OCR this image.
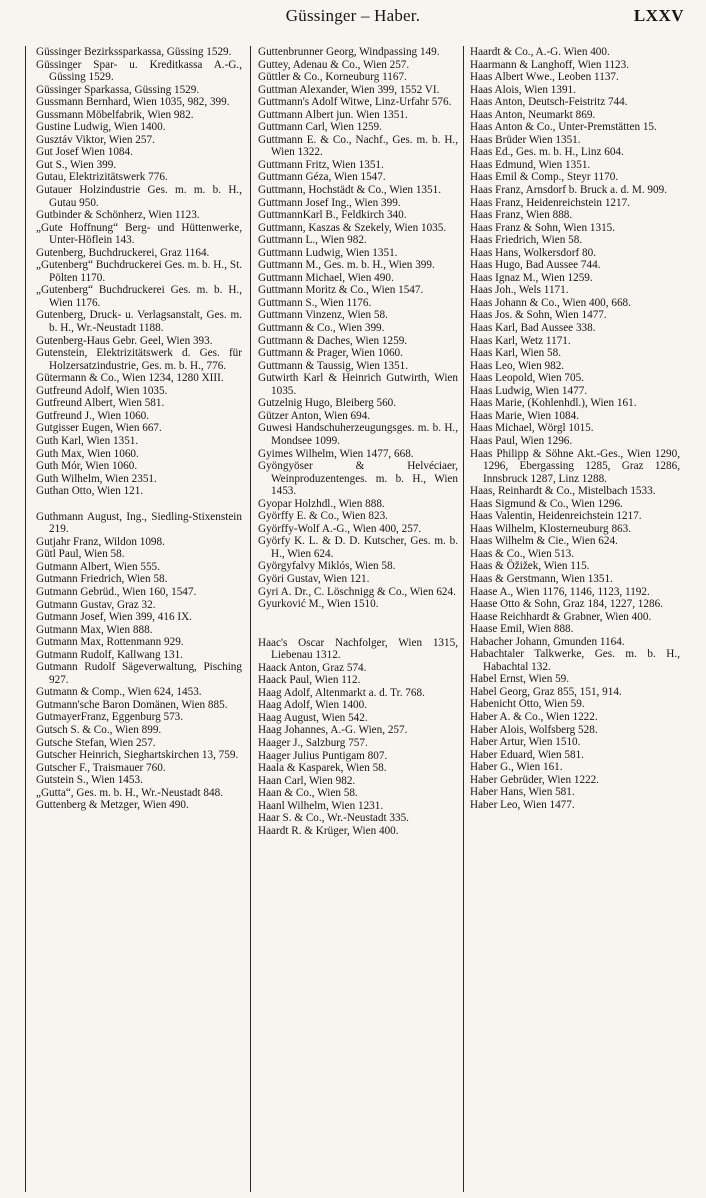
Güssinger – Haber.	LXXV

Güssinger Bezirkssparkassa, Güssing 1529.

Güssinger Spar- u. Kreditkassa A.-G., Güssing 1529.

Güssinger Sparkassa, Güssing 1529.

Gussmann Bernhard, Wien 1035, 982, 399.

Gussmann Möbelfabrik, Wien 982.

Gustine Ludwig, Wien 1400.

Gusztáv Viktor, Wien 257.

Gut Josef Wien 1084.

Gut S., Wien 399.

Gutau, Elektrizitätswerk 776.

Gutauer Holzindustrie Ges. m. m. b. H., Gutau 950.

Gutbinder & Schönherz, Wien 1123.

„Gute Hoffnung“ Berg- und Hüttenwerke, Unter-Höflein 143.

Gutenberg, Buchdruckerei, Graz 1164.

„Gutenberg“ Buchdruckerei Ges. m. b. H., St. Pölten 1170.

„Gutenberg“ Buchdruckerei Ges. m. b. H., Wien 1176.

Gutenberg, Druck- u. Verlagsanstalt, Ges. m. b. H., Wr.-Neustadt 1188.

Gutenberg-Haus Gebr. Geel, Wien 393.

Gutenstein, Elektrizitätswerk d. Ges. für Holzersatzindustrie, Ges. m. b. H., 776.

Gütermann & Co., Wien 1234, 1280 XIII.

Gutfreund Adolf, Wien 1035.

Gutfreund Albert, Wien 581.

Gutfreund J., Wien 1060.

Gutgisser Eugen, Wien 667.

Guth Karl, Wien 1351.

Guth Max, Wien 1060.

Guth Mór, Wien 1060.

Guth Wilhelm, Wien 2351.

Guthan Otto, Wien 121.

Guthmann August, Ing., Siedling-Stixenstein 219.

Gutjahr Franz, Wildon 1098.

Gütl Paul, Wien 58.

Gutmann Albert, Wien 555.

Gutmann Friedrich, Wien 58.

Gutmann Gebrüd., Wien 160, 1547.

Gutmann Gustav, Graz 32.

Gutmann Josef, Wien 399, 416 IX.

Gutmann Max, Wien 888.

Gutmann Max, Rottenmann 929.

Gutmann Rudolf, Kallwang 131.

Gutmann Rudolf Sägeverwaltung, Pisching 927.

Gutmann & Comp., Wien 624, 1453.

Gutmann'sche Baron Domänen, Wien 885.

GutmayerFranz, Eggenburg 573.

Gutsch S. & Co., Wien 899.

Gutsche Stefan, Wien 257.

Gutscher Heinrich, Sieghartskirchen 13, 759.

Gutscher F., Traismauer 760.

Gutstein S., Wien 1453.

„Gutta“, Ges. m. b. H., Wr.-Neustadt 848.

Guttenberg & Metzger, Wien 490.

Guttenbrunner Georg, Windpassing 149.

Guttey, Adenau & Co., Wien 257.

Güttler & Co., Korneuburg 1167.

Guttman Alexander, Wien 399, 1552 VI.

Guttmann's Adolf Witwe, Linz-Urfahr 576.

Guttmann Albert jun. Wien 1351.

Guttmann Carl, Wien 1259.

Guttmann E. & Co., Nachf., Ges. m. b. H., Wien 1322.

Guttmann Fritz, Wien 1351.

Guttmann Géza, Wien 1547.

Guttmann, Hochstädt & Co., Wien 1351.

Guttmann Josef Ing., Wien 399.

GuttmannKarl B., Feldkirch 340.

Guttmann, Kaszas & Szekely, Wien 1035.

Guttmann L., Wien 982.

Guttmann Ludwig, Wien 1351.

Guttmann M., Ges. m. b. H., Wien 399.

Guttmann Michael, Wien 490.

Guttmann Moritz & Co., Wien 1547.

Guttmann S., Wien 1176.

Guttmann Vinzenz, Wien 58.

Guttmann & Co., Wien 399.

Guttmann & Daches, Wien 1259.

Guttmann & Prager, Wien 1060.

Guttmann & Taussig, Wien 1351.

Gutwirth Karl & Heinrich Gutwirth, Wien 1035.

Gutzelnig Hugo, Bleiberg 560.

Gützer Anton, Wien 694.

Guwesi Handschuherzeugungsges. m. b. H., Mondsee 1099.

Gyimes Wilhelm, Wien 1477, 668.

Gyöngyöser & Helvéciaer, Weinproduzentenges. m. b. H., Wien 1453.

Gyopar Holzhdl., Wien 888.

Györffy E. & Co., Wien 823.

Györffy-Wolf A.-G., Wien 400, 257.

Györfy K. L. & D. D. Kutscher, Ges. m. b. H., Wien 624.

Györgyfalvy Miklós, Wien 58.

Györi Gustav, Wien 121.

Gyri A. Dr., C. Löschnigg & Co., Wien 624.

Gyurković M., Wien 1510.

Haac's Oscar Nachfolger, Wien 1315, Liebenau 1312.

Haack Anton, Graz 574.

Haack Paul, Wien 112.

Haag Adolf, Altenmarkt a. d. Tr. 768.

Haag Adolf, Wien 1400.

Haag August, Wien 542.

Haag Johannes, A.-G. Wien, 257.

Haager J., Salzburg 757.

Haager Julius Puntigam 807.

Haala & Kasparek, Wien 58.

Haan Carl, Wien 982.

Haan & Co., Wien 58.

Haanl Wilhelm, Wien 1231.

Haar S. & Co., Wr.-Neustadt 335.

Haardt R. & Krüger, Wien 400.

Haardt & Co., A.-G. Wien 400.

Haarmann & Langhoff, Wien 1123.

Haas Albert Wwe., Leoben 1137.

Haas Alois, Wien 1391.

Haas Anton, Deutsch-Feistritz 744.

Haas Anton, Neumarkt 869.

Haas Anton & Co., Unter-Premstätten 15.

Haas Brüder Wien 1351.

Haas Ed., Ges. m. b. H., Linz 604.

Haas Edmund, Wien 1351.

Haas Emil & Comp., Steyr 1170.

Haas Franz, Arnsdorf b. Bruck a. d. M. 909.

Haas Franz, Heidenreichstein 1217.

Haas Franz, Wien 888.

Haas Franz & Sohn, Wien 1315.

Haas Friedrich, Wien 58.

Haas Hans, Wolkersdorf 80.

Haas Hugo, Bad Aussee 744.

Haas Ignaz M., Wien 1259.

Haas Joh., Wels 1171.

Haas Johann & Co., Wien 400, 668.

Haas Jos. & Sohn, Wien 1477.

Haas Karl, Bad Aussee 338.

Haas Karl, Wetz 1171.

Haas Karl, Wien 58.

Haas Leo, Wien 982.

Haas Leopold, Wien 705.

Haas Ludwig, Wien 1477.

Haas Marie, (Kohlenhdl.), Wien 161.

Haas Marie, Wien 1084.

Haas Michael, Wörgl 1015.

Haas Paul, Wien 1296.

Haas Philipp & Söhne Akt.-Ges., Wien 1290, 1296, Ebergassing 1285, Graz 1286, Innsbruck 1287, Linz 1288.

Haas, Reinhardt & Co., Mistelbach 1533.

Haas Sigmund & Co., Wien 1296.

Haas Valentin, Heidenreichstein 1217.

Haas Wilhelm, Klosterneuburg 863.

Haas Wilhelm & Cie., Wien 624.

Haas & Co., Wien 513.

Haas & Öžižek, Wien 115.

Haas & Gerstmann, Wien 1351.

Haase A., Wien 1176, 1146, 1123, 1192.

Haase Otto & Sohn, Graz 184, 1227, 1286.

Haase Reichhardt & Grabner, Wien 400.

Haase Emil, Wien 888.

Habacher Johann, Gmunden 1164.

Habachtaler Talkwerke, Ges. m. b. H., Habachtal 132.

Habel Ernst, Wien 59.

Habel Georg, Graz 855, 151, 914.

Habenicht Otto, Wien 59.

Haber A. & Co., Wien 1222.

Haber Alois, Wolfsberg 528.

Haber Artur, Wien 1510.

Haber Eduard, Wien 581.

Haber G., Wien 161.

Haber Gebrüder, Wien 1222.

Haber Hans, Wien 581.

Haber Leo, Wien 1477.
